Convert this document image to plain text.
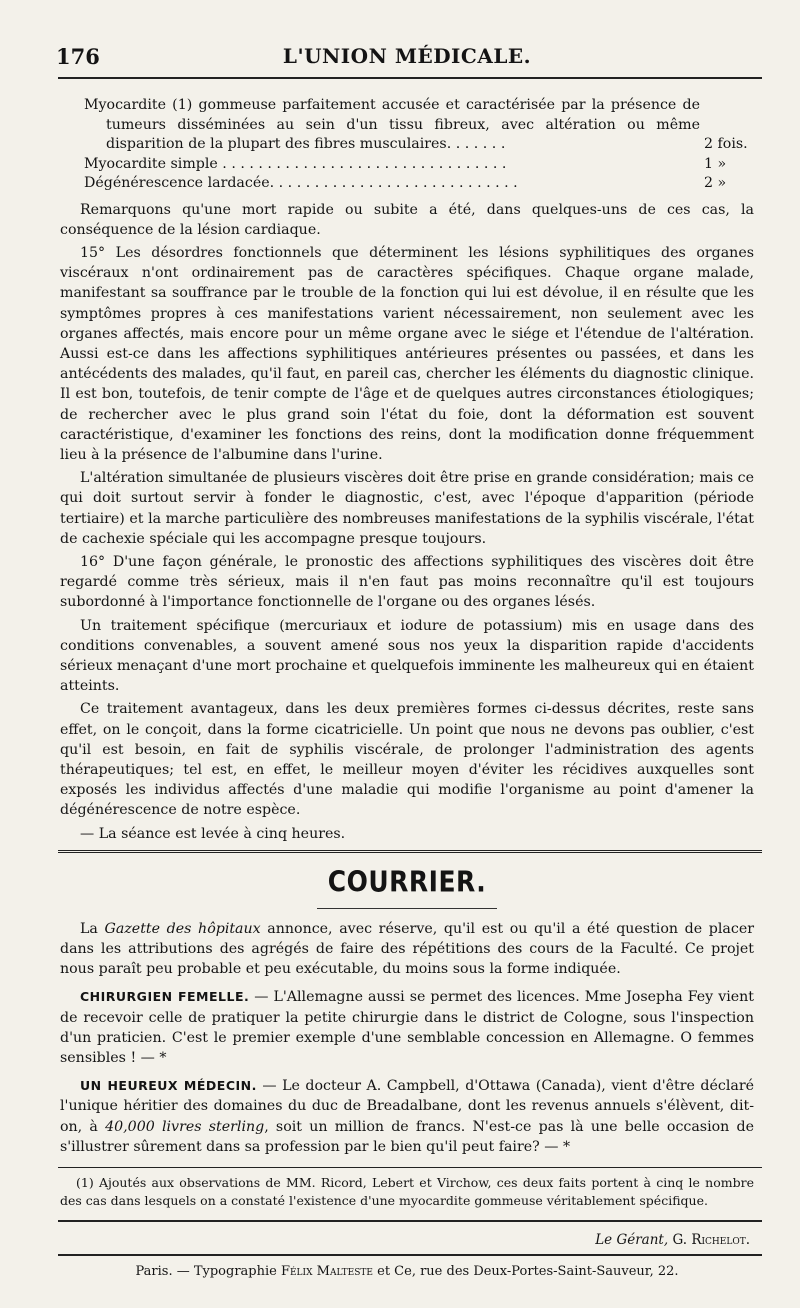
176	L'UNION MÉDICALE.
Myocardite (1) gommeuse parfaitement accusée et caractérisée par la présence de tumeurs disséminées au sein d'un tissu fibreux, avec altération ou même disparition de la plupart des fibres musculaires. . . . . . .	2 fois.
Myocardite simple . . . . . . . . . . . . . . . . . . . . . . . . . . . . . . . .	1 »
Dégénérescence lardacée. . . . . . . . . . . . . . . . . . . . . . . . . . . .	2 »

Remarquons qu'une mort rapide ou subite a été, dans quelques-uns de ces cas, la conséquence de la lésion cardiaque.

15° Les désordres fonctionnels que déterminent les lésions syphilitiques des organes viscéraux n'ont ordinairement pas de caractères spécifiques. Chaque organe malade, manifestant sa souffrance par le trouble de la fonction qui lui est dévolue, il en résulte que les symptômes propres à ces manifestations varient nécessairement, non seulement avec les organes affectés, mais encore pour un même organe avec le siége et l'étendue de l'altération. Aussi est-ce dans les affections syphilitiques antérieures présentes ou passées, et dans les antécédents des malades, qu'il faut, en pareil cas, chercher les éléments du diagnostic clinique. Il est bon, toutefois, de tenir compte de l'âge et de quelques autres circonstances étiologiques; de rechercher avec le plus grand soin l'état du foie, dont la déformation est souvent caractéristique, d'examiner les fonctions des reins, dont la modification donne fréquemment lieu à la présence de l'albumine dans l'urine.

L'altération simultanée de plusieurs viscères doit être prise en grande considération; mais ce qui doit surtout servir à fonder le diagnostic, c'est, avec l'époque d'apparition (période tertiaire) et la marche particulière des nombreuses manifestations de la syphilis viscérale, l'état de cachexie spéciale qui les accompagne presque toujours.

16° D'une façon générale, le pronostic des affections syphilitiques des viscères doit être regardé comme très sérieux, mais il n'en faut pas moins reconnaître qu'il est toujours subordonné à l'importance fonctionnelle de l'organe ou des organes lésés.

Un traitement spécifique (mercuriaux et iodure de potassium) mis en usage dans des conditions convenables, a souvent amené sous nos yeux la disparition rapide d'accidents sérieux menaçant d'une mort prochaine et quelquefois imminente les malheureux qui en étaient atteints.

Ce traitement avantageux, dans les deux premières formes ci-dessus décrites, reste sans effet, on le conçoit, dans la forme cicatricielle. Un point que nous ne devons pas oublier, c'est qu'il est besoin, en fait de syphilis viscérale, de prolonger l'administration des agents thérapeutiques; tel est, en effet, le meilleur moyen d'éviter les récidives auxquelles sont exposés les individus affectés d'une maladie qui modifie l'organisme au point d'amener la dégénérescence de notre espèce.

— La séance est levée à cinq heures.

COURRIER.

La Gazette des hôpitaux annonce, avec réserve, qu'il est ou qu'il a été question de placer dans les attributions des agrégés de faire des répétitions des cours de la Faculté. Ce projet nous paraît peu probable et peu exécutable, du moins sous la forme indiquée.

CHIRURGIEN FEMELLE. — L'Allemagne aussi se permet des licences. Mme Josepha Fey vient de recevoir celle de pratiquer la petite chirurgie dans le district de Cologne, sous l'inspection d'un praticien. C'est le premier exemple d'une semblable concession en Allemagne. O femmes sensibles ! — *

UN HEUREUX MÉDECIN. — Le docteur A. Campbell, d'Ottawa (Canada), vient d'être déclaré l'unique héritier des domaines du duc de Breadalbane, dont les revenus annuels s'élèvent, dit-on, à 40,000 livres sterling, soit un million de francs. N'est-ce pas là une belle occasion de s'illustrer sûrement dans sa profession par le bien qu'il peut faire? — *

(1) Ajoutés aux observations de MM. Ricord, Lebert et Virchow, ces deux faits portent à cinq le nombre des cas dans lesquels on a constaté l'existence d'une myocardite gommeuse véritablement spécifique.

Le Gérant, G. Richelot.
Paris. — Typographie Félix Malteste et Ce, rue des Deux-Portes-Saint-Sauveur, 22.
